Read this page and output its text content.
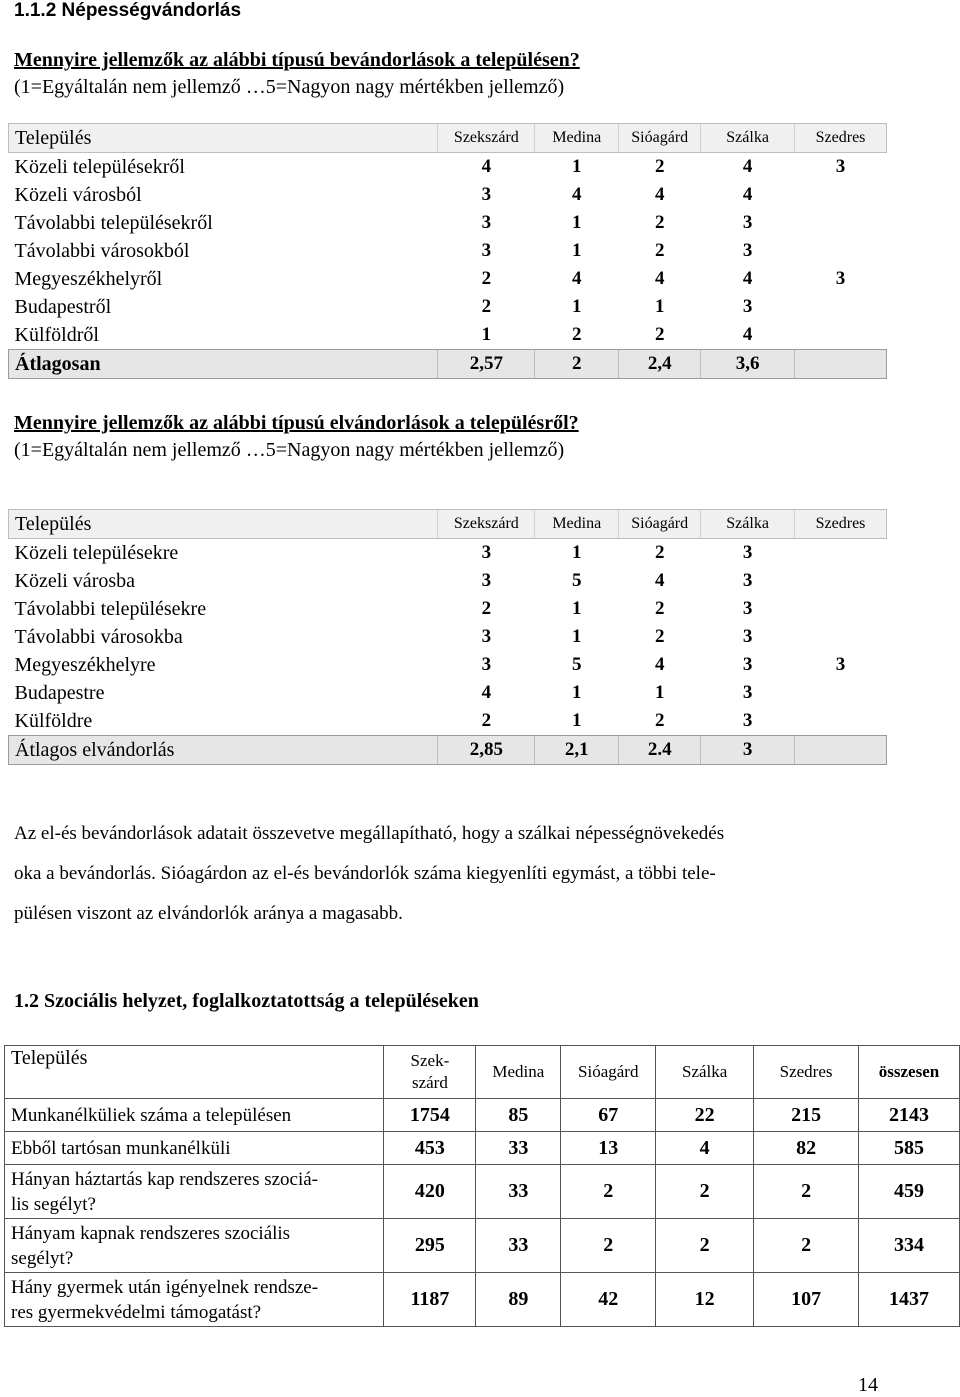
1.1.2 Népességvándorlás
Mennyire jellemzők az alábbi típusú bevándorlások a településen?
(1=Egyáltalán nem jellemző …5=Nagyon nagy mértékben jellemző)
Település	Szekszárd	Medina	Sióagárd	Szálka	Szedres
Közeli településekről	4	1	2	4	3
Közeli városból	3	4	4	4	
Távolabbi településekről	3	1	2	3	
Távolabbi városokból	3	1	2	3	
Megyeszékhelyről	2	4	4	4	3
Budapestről	2	1	1	3	
Külföldről	1	2	2	4	
Átlagosan	2,57	2	2,4	3,6	
Mennyire jellemzők az alábbi típusú elvándorlások a településről?
(1=Egyáltalán nem jellemző …5=Nagyon nagy mértékben jellemző)
Település	Szekszárd	Medina	Sióagárd	Szálka	Szedres
Közeli településekre	3	1	2	3	
Közeli városba	3	5	4	3	
Távolabbi településekre	2	1	2	3	
Távolabbi városokba	3	1	2	3	
Megyeszékhelyre	3	5	4	3	3
Budapestre	4	1	1	3	
Külföldre	2	1	2	3	
Átlagos elvándorlás	2,85	2,1	2.4	3	

Az el-és bevándorlások adatait összevetve megállapítható, hogy a szálkai népességnövekedés

oka a bevándorlás. Sióagárdon az el-és bevándorlók száma kiegyenlíti egymást, a többi tele-

pülésen viszont az elvándorlók aránya a magasabb.

1.2 Szociális helyzet, foglalkoztatottság a településeken
Település	Szek-
szárd	Medina	Sióagárd	Szálka	Szedres	összesen
Munkanélküliek száma a településen	1754	85	67	22	215	2143
Ebből tartósan munkanélküli	453	33	13	4	82	585
Hányan háztartás kap rendszeres szociá-
lis segélyt?	420	33	2	2	2	459
Hányam kapnak rendszeres szociális
segélyt?	295	33	2	2	2	334
Hány gyermek után igényelnek rendsze-
res gyermekvédelmi támogatást?	1187	89	42	12	107	1437
14
